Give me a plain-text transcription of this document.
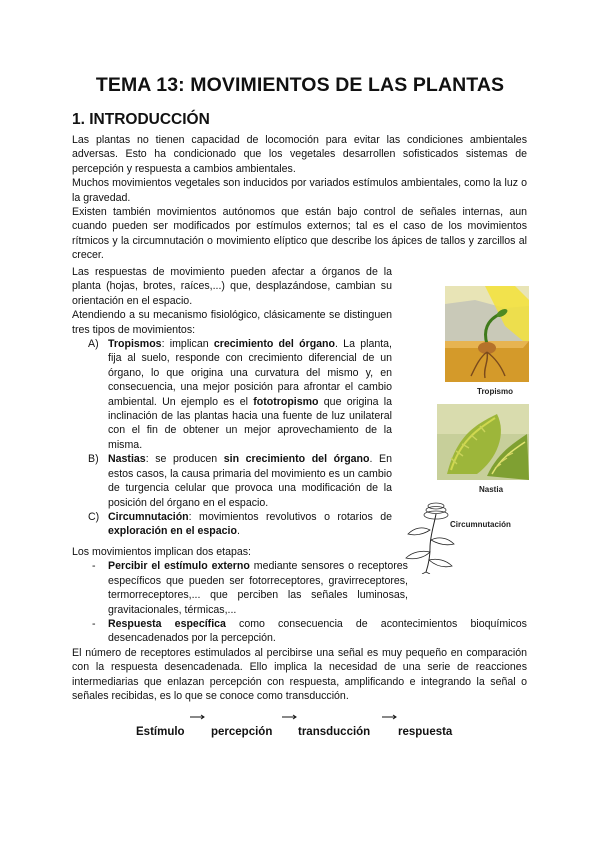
TEMA 13: MOVIMIENTOS DE LAS PLANTAS
1. INTRODUCCIÓN

Las plantas no tienen capacidad de locomoción para evitar las condiciones ambientales adversas. Esto ha condicionado que los vegetales desarrollen sofisticados sistemas de percepción y respuesta a cambios ambientales.

Muchos movimientos vegetales son inducidos por variados estímulos ambientales, como la luz o la gravedad.

Existen también movimientos autónomos que están bajo control de señales internas, aun cuando pueden ser modificados por estímulos externos; tal es el caso de los movimientos rítmicos y la circumnutación o movimiento elíptico que describe los ápices de tallos y zarcillos al crecer.

Las respuestas de movimiento pueden afectar a órganos de la planta (hojas, brotes, raíces,...) que, desplazándose, cambian su orientación en el espacio.

Atendiendo a su mecanismo fisiológico, clásicamente se distinguen tres tipos de movimientos:

A) Tropismos: implican crecimiento del órgano. La planta, fija al suelo, responde con crecimiento diferencial de un órgano, lo que origina una curvatura del mismo y, en consecuencia, una mejor posición para afrontar el cambio ambiental. Un ejemplo es el fototropismo que origina la inclinación de las plantas hacia una fuente de luz unilateral con el fin de obtener un mejor aprovechamiento de la misma.

B) Nastias: se producen sin crecimiento del órgano. En estos casos, la causa primaria del movimiento es un cambio de turgencia celular que provoca una modificación de la posición del órgano en el espacio.

C) Circumnutación: movimientos revolutivos o rotarios de exploración en el espacio.

Los movimientos implican dos etapas:

- Percibir el estímulo externo mediante sensores o receptores específicos que pueden ser fotorreceptores, gravirreceptores, termorreceptores,... que perciben las señales luminosas, gravitacionales, térmicas,...

- Respuesta específica como consecuencia de acontecimientos bioquímicos desencadenados por la percepción.

El número de receptores estimulados al percibirse una señal es muy pequeño en comparación con la respuesta desencadenada. Ello implica la necesidad de una serie de reacciones intermediarias que enlazan percepción con respuesta, amplificando e integrando la señal o señales recibidas, es lo que se conoce como transducción.

Estímulo percepción transducción respuesta
Tropismo
Nastia
Circumnutación
